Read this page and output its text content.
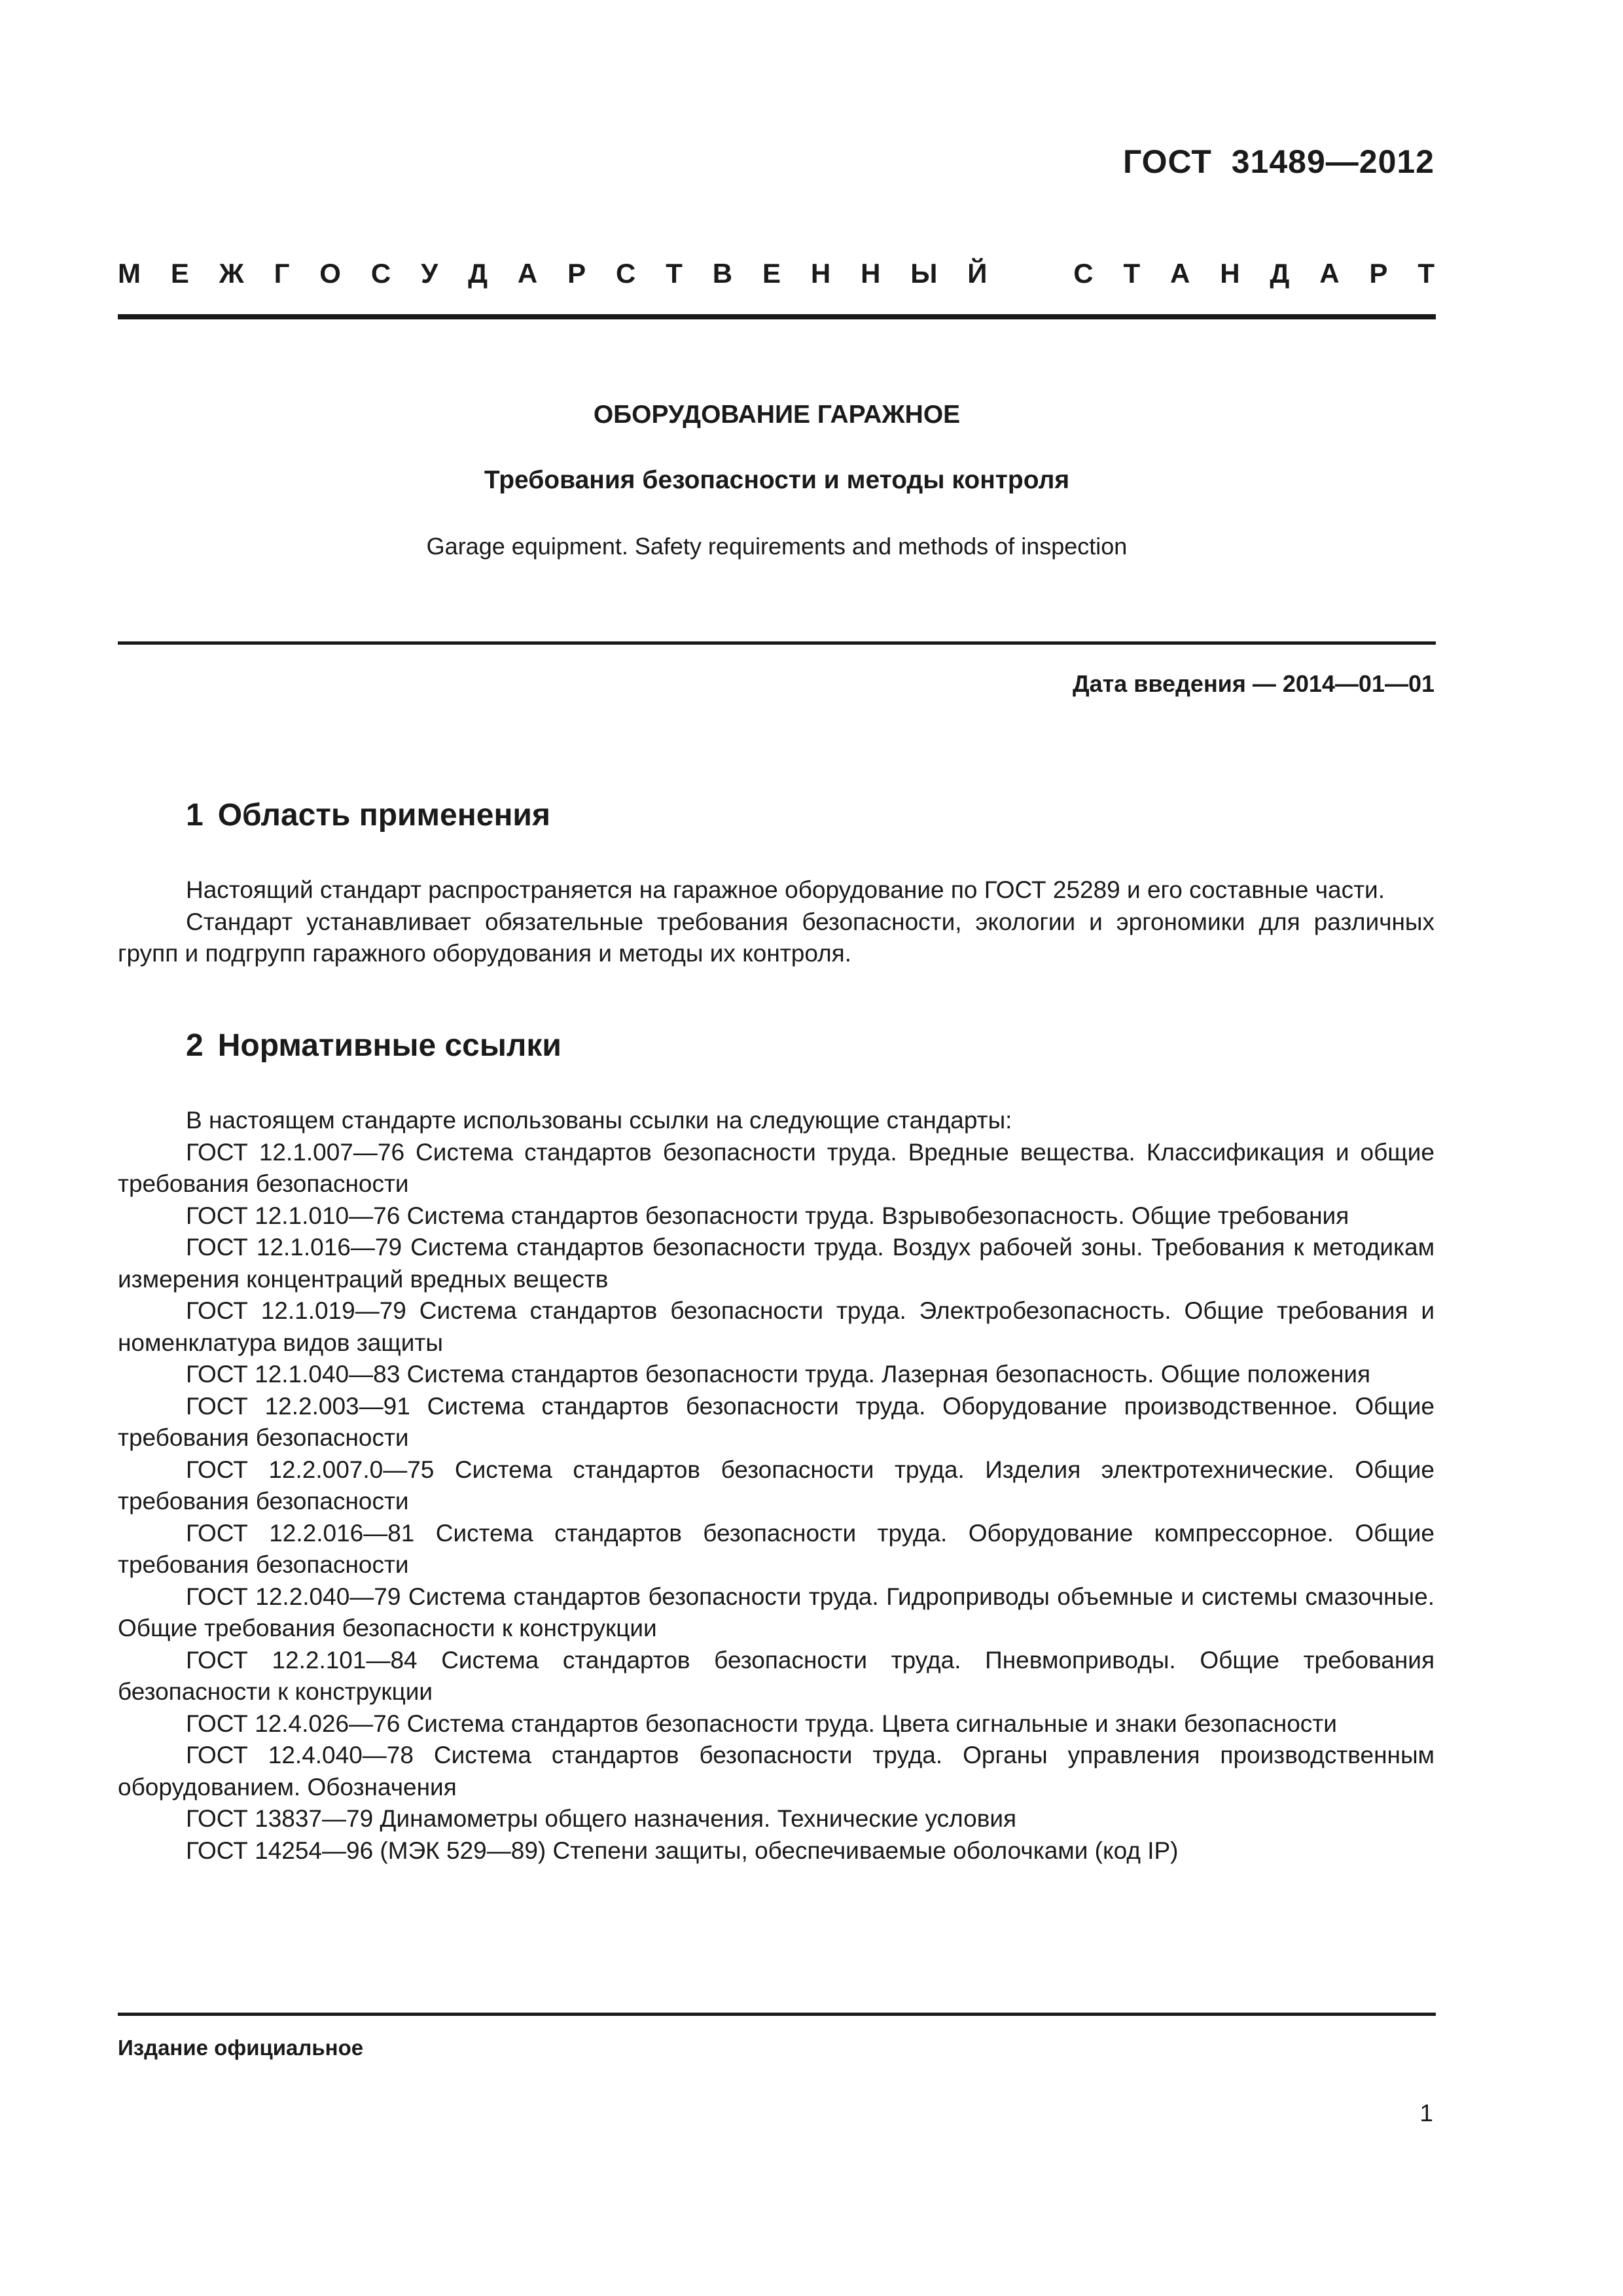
ГОСТ  31489—2012
М Е Ж Г О С У Д А Р С Т В Е Н Н Ы Й	С Т А Н Д А Р Т
ОБОРУДОВАНИЕ ГАРАЖНОЕ
Требования безопасности и методы контроля
Garage equipment. Safety requirements and methods of inspection
Дата введения — 2014—01—01
1 Область применения

Настоящий стандарт распространяется на гаражное оборудование по ГОСТ 25289 и его составные части.

Стандарт устанавливает обязательные требования безопасности, экологии и эргономики для различных групп и подгрупп гаражного оборудования и методы их контроля.

2 Нормативные ссылки

В настоящем стандарте использованы ссылки на следующие стандарты:

ГОСТ 12.1.007—76 Система стандартов безопасности труда. Вредные вещества. Классификация и общие требования безопасности

ГОСТ 12.1.010—76 Система стандартов безопасности труда. Взрывобезопасность. Общие требования

ГОСТ 12.1.016—79 Система стандартов безопасности труда. Воздух рабочей зоны. Требования к методикам измерения концентраций вредных веществ

ГОСТ 12.1.019—79 Система стандартов безопасности труда. Электробезопасность. Общие требования и номенклатура видов защиты

ГОСТ 12.1.040—83 Система стандартов безопасности труда. Лазерная безопасность. Общие положения

ГОСТ 12.2.003—91 Система стандартов безопасности труда. Оборудование производственное. Общие требования безопасности

ГОСТ 12.2.007.0—75 Система стандартов безопасности труда. Изделия электротехнические. Общие требования безопасности

ГОСТ 12.2.016—81 Система стандартов безопасности труда. Оборудование компрессорное. Общие требования безопасности

ГОСТ 12.2.040—79 Система стандартов безопасности труда. Гидроприводы объемные и системы смазочные. Общие требования безопасности к конструкции

ГОСТ 12.2.101—84 Система стандартов безопасности труда. Пневмоприводы. Общие требования безопасности к конструкции

ГОСТ 12.4.026—76 Система стандартов безопасности труда. Цвета сигнальные и знаки безопасности

ГОСТ 12.4.040—78 Система стандартов безопасности труда. Органы управления производственным оборудованием. Обозначения

ГОСТ 13837—79 Динамометры общего назначения. Технические условия

ГОСТ 14254—96 (МЭК 529—89) Степени защиты, обеспечиваемые оболочками (код IP)

Издание официальное
1
